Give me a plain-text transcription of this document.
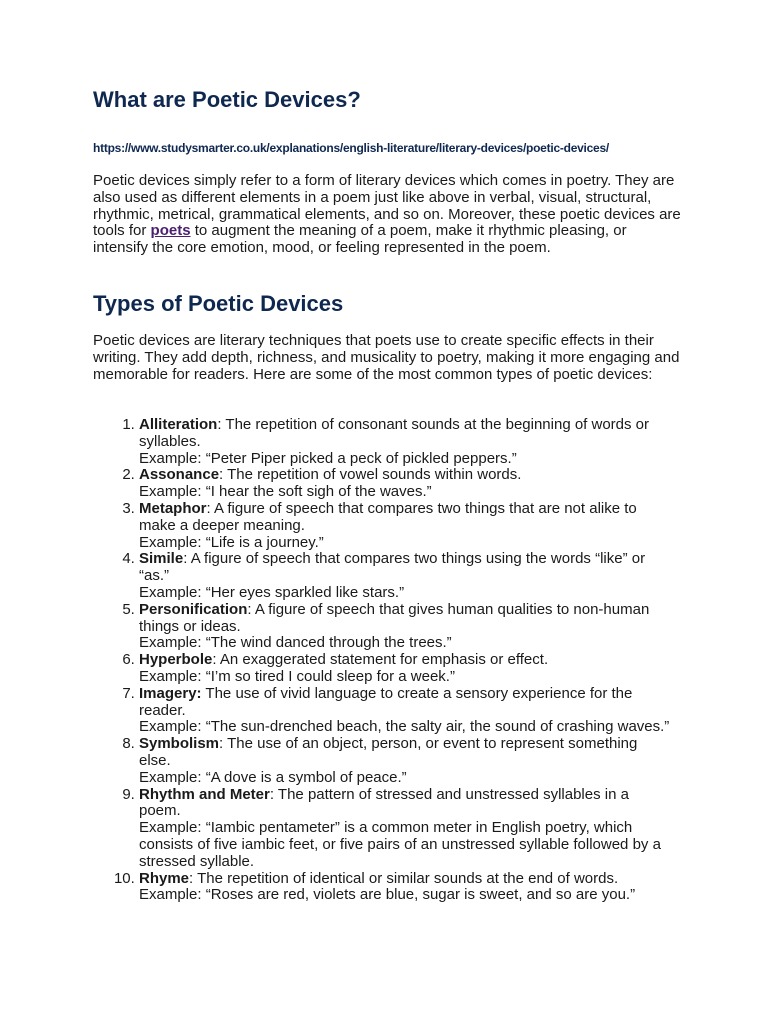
What are Poetic Devices?

https://www.studysmarter.co.uk/explanations/english-literature/literary-devices/poetic-devices/

Poetic devices simply refer to a form of literary devices which comes in poetry. They are also used as different elements in a poem just like above in verbal, visual, structural, rhythmic, metrical, grammatical elements, and so on. Moreover, these poetic devices are tools for poets to augment the meaning of a poem, make it rhythmic pleasing, or intensify the core emotion, mood, or feeling represented in the poem.

Types of Poetic Devices

Poetic devices are literary techniques that poets use to create specific effects in their writing. They add depth, richness, and musicality to poetry, making it more engaging and memorable for readers. Here are some of the most common types of poetic devices:

1. Alliteration: The repetition of consonant sounds at the beginning of words or syllables.
Example: “Peter Piper picked a peck of pickled peppers.”
2. Assonance: The repetition of vowel sounds within words.
Example: “I hear the soft sigh of the waves.”
3. Metaphor: A figure of speech that compares two things that are not alike to make a deeper meaning.
Example: “Life is a journey.”
4. Simile: A figure of speech that compares two things using the words “like” or “as.”
Example: “Her eyes sparkled like stars.”
5. Personification: A figure of speech that gives human qualities to non-human things or ideas.
Example: “The wind danced through the trees.”
6. Hyperbole: An exaggerated statement for emphasis or effect.
Example: “I’m so tired I could sleep for a week.”
7. Imagery: The use of vivid language to create a sensory experience for the reader.
Example: “The sun-drenched beach, the salty air, the sound of crashing waves.”
8. Symbolism: The use of an object, person, or event to represent something else.
Example: “A dove is a symbol of peace.”
9. Rhythm and Meter: The pattern of stressed and unstressed syllables in a poem.
Example: “Iambic pentameter” is a common meter in English poetry, which consists of five iambic feet, or five pairs of an unstressed syllable followed by a stressed syllable.
10. Rhyme: The repetition of identical or similar sounds at the end of words.
Example: “Roses are red, violets are blue, sugar is sweet, and so are you.”
